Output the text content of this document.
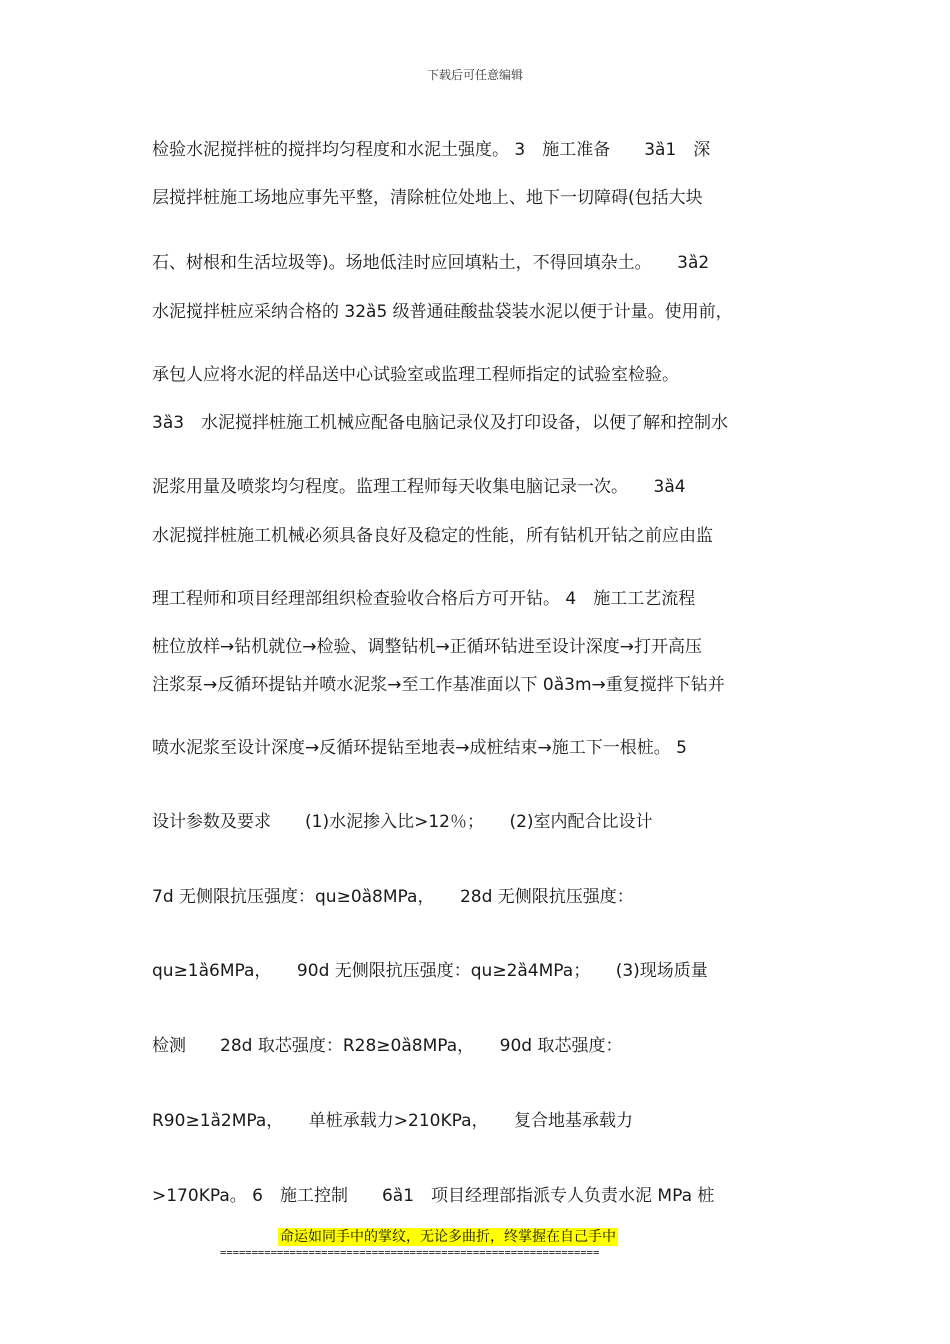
下载后可任意编辑
检验水泥搅拌桩的搅拌均匀程度和水泥土强度。 3　施工准备　　3ȁ1　深
层搅拌桩施工场地应事先平整，清除桩位处地上、地下一切障碍(包括大块
石、树根和生活垃圾等)。场地低洼时应回填粘土，不得回填杂土。　　3ȁ2
水泥搅拌桩应采纳合格的 32ȁ5 级普通硅酸盐袋装水泥以便于计量。使用前，
承包人应将水泥的样品送中心试验室或监理工程师指定的试验室检验。
3ȁ3　水泥搅拌桩施工机械应配备电脑记录仪及打印设备，以便了解和控制水
泥浆用量及喷浆均匀程度。监理工程师每天收集电脑记录一次。　　3ȁ4
水泥搅拌桩施工机械必须具备良好及稳定的性能，所有钻机开钻之前应由监
理工程师和项目经理部组织检查验收合格后方可开钻。 4　施工工艺流程
桩位放样→钻机就位→检验、调整钻机→正循环钻进至设计深度→打开高压
注浆泵→反循环提钻并喷水泥浆→至工作基准面以下 0ȁ3m→重复搅拌下钻并
喷水泥浆至设计深度→反循环提钻至地表→成桩结束→施工下一根桩。 5
设计参数及要求　　(1)水泥掺入比>12％；　　(2)室内配合比设计
7d 无侧限抗压强度：qu≥0ȁ8MPa，　　28d 无侧限抗压强度：
qu≥1ȁ6MPa，　　90d 无侧限抗压强度：qu≥2ȁ4MPa；　　(3)现场质量
检测　　28d 取芯强度：R28≥0ȁ8MPa，　　90d 取芯强度：
R90≥1ȁ2MPa，　　单桩承载力>210KPa，　　复合地基承载力
>170KPa。 6　施工控制　　6ȁ1　项目经理部指派专人负责水泥 MPa 桩
命运如同手中的掌纹，无论多曲折，终掌握在自己手中
============================================================
